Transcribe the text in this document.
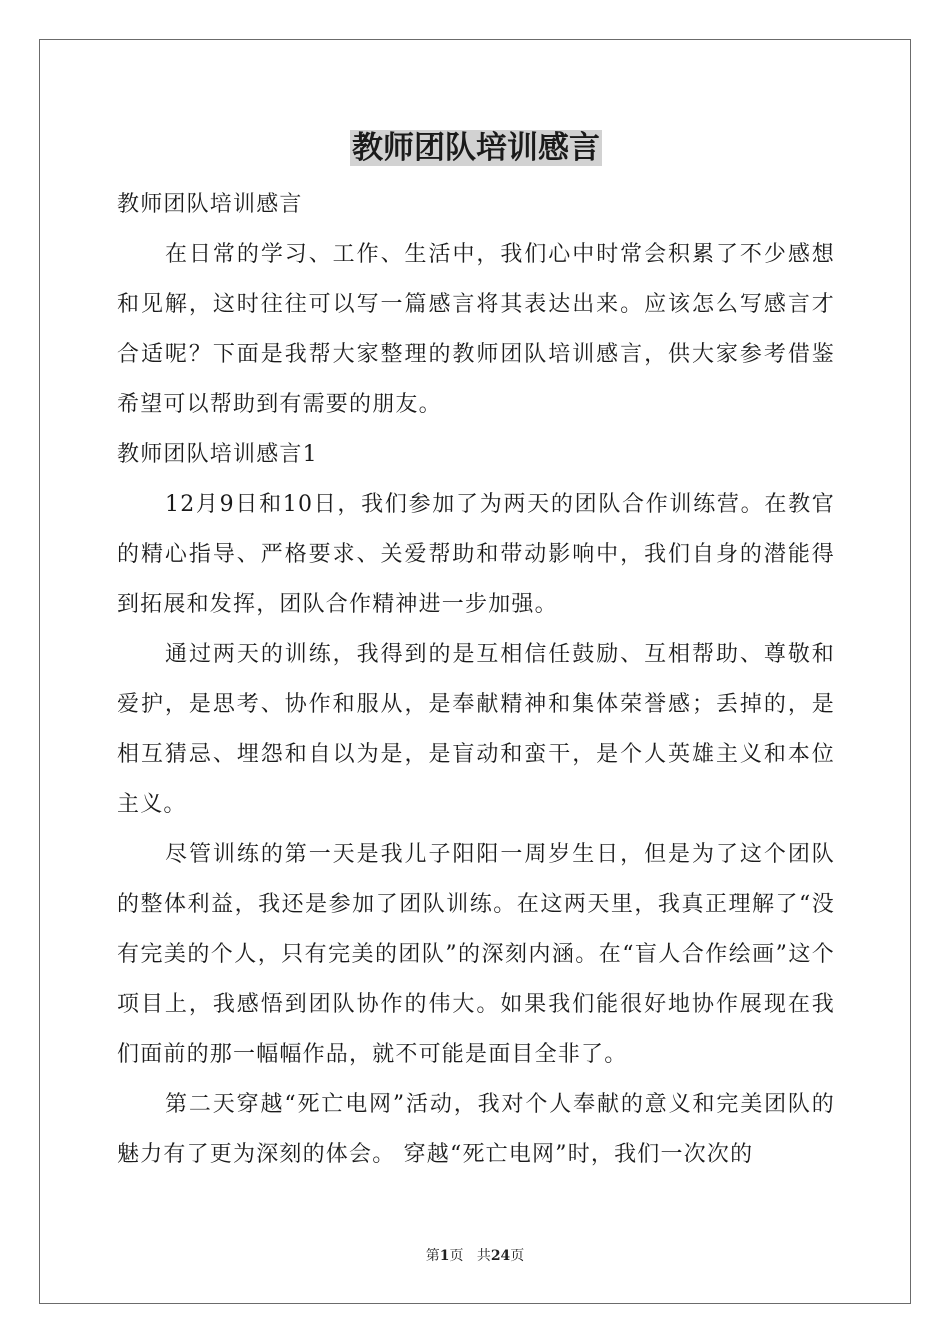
教师团队培训感言

教师团队培训感言

在日常的学习、工作、生活中，我们心中时常会积累了不少感想和见解，这时往往可以写一篇感言将其表达出来。应该怎么写感言才合适呢？下面是我帮大家整理的教师团队培训感言，供大家参考借鉴希望可以帮助到有需要的朋友。

教师团队培训感言1

12月9日和10日，我们参加了为两天的团队合作训练营。在教官的精心指导、严格要求、关爱帮助和带动影响中，我们自身的潜能得到拓展和发挥，团队合作精神进一步加强。

通过两天的训练，我得到的是互相信任鼓励、互相帮助、尊敬和爱护，是思考、协作和服从，是奉献精神和集体荣誉感；丢掉的，是相互猜忌、埋怨和自以为是，是盲动和蛮干，是个人英雄主义和本位主义。

尽管训练的第一天是我儿子阳阳一周岁生日，但是为了这个团队的整体利益，我还是参加了团队训练。在这两天里，我真正理解了“没有完美的个人，只有完美的团队”的深刻内涵。在“盲人合作绘画”这个项目上，我感悟到团队协作的伟大。如果我们能很好地协作展现在我们面前的那一幅幅作品，就不可能是面目全非了。

第二天穿越“死亡电网”活动，我对个人奉献的意义和完美团队的魅力有了更为深刻的体会。 穿越“死亡电网”时，我们一次次的

第1页 共24页
